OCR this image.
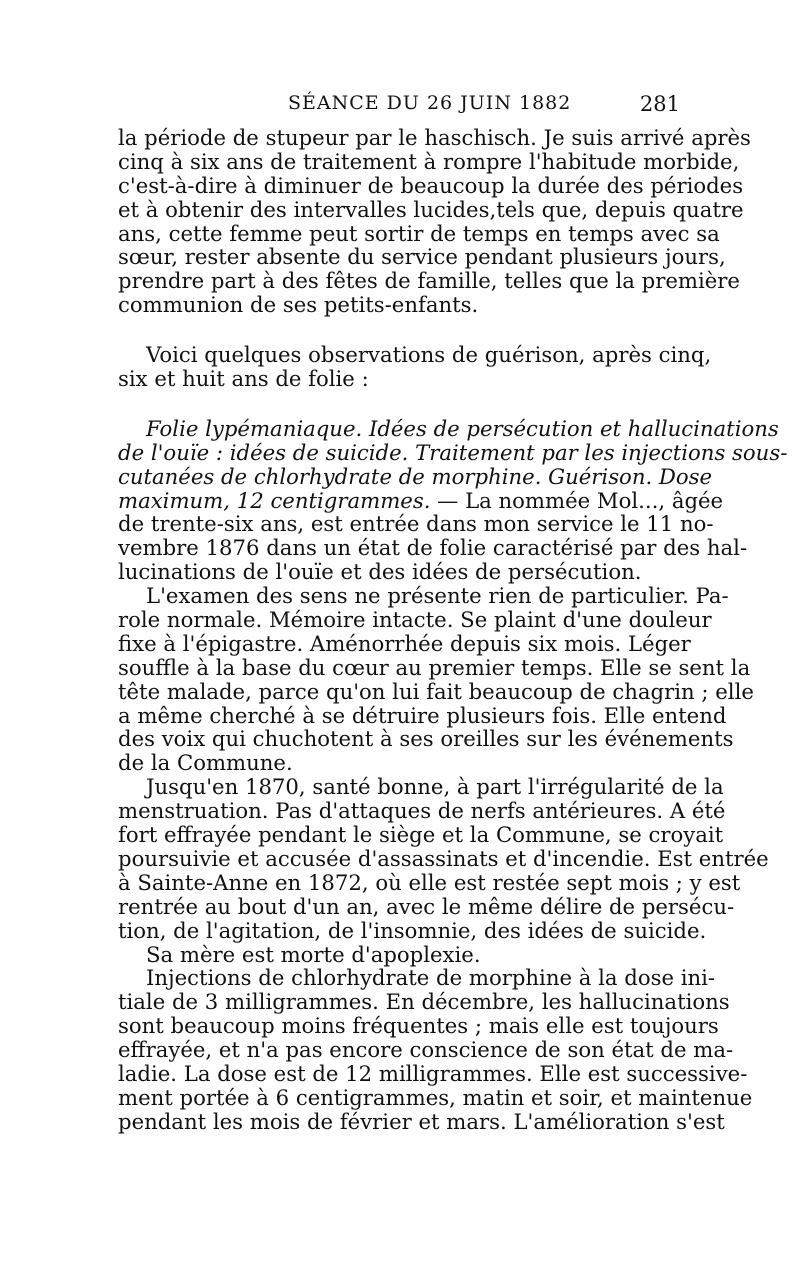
SÉANCE DU 26 JUIN 1882	281
la période de stupeur par le haschisch. Je suis arrivé après
cinq à six ans de traitement à rompre l'habitude morbide,
c'est-à-dire à diminuer de beaucoup la durée des périodes
et à obtenir des intervalles lucides,tels que, depuis quatre
ans, cette femme peut sortir de temps en temps avec sa
sœur, rester absente du service pendant plusieurs jours,
prendre part à des fêtes de famille, telles que la première
communion de ses petits-enfants.
Voici quelques observations de guérison, après cinq,
six et huit ans de folie :
Folie lypémaniaque. Idées de persécution et hallucinations
de l'ouïe : idées de suicide. Traitement par les injections sous-
cutanées de chlorhydrate de morphine. Guérison. Dose
maximum, 12 centigrammes. — La nommée Mol..., âgée
de trente-six ans, est entrée dans mon service le 11 no-
vembre 1876 dans un état de folie caractérisé par des hal-
lucinations de l'ouïe et des idées de persécution.
L'examen des sens ne présente rien de particulier. Pa-
role normale. Mémoire intacte. Se plaint d'une douleur
fixe à l'épigastre. Aménorrhée depuis six mois. Léger
souffle à la base du cœur au premier temps. Elle se sent la
tête malade, parce qu'on lui fait beaucoup de chagrin ; elle
a même cherché à se détruire plusieurs fois. Elle entend
des voix qui chuchotent à ses oreilles sur les événements
de la Commune.
Jusqu'en 1870, santé bonne, à part l'irrégularité de la
menstruation. Pas d'attaques de nerfs antérieures. A été
fort effrayée pendant le siège et la Commune, se croyait
poursuivie et accusée d'assassinats et d'incendie. Est entrée
à Sainte-Anne en 1872, où elle est restée sept mois ; y est
rentrée au bout d'un an, avec le même délire de persécu-
tion, de l'agitation, de l'insomnie, des idées de suicide.
Sa mère est morte d'apoplexie.
Injections de chlorhydrate de morphine à la dose ini-
tiale de 3 milligrammes. En décembre, les hallucinations
sont beaucoup moins fréquentes ; mais elle est toujours
effrayée, et n'a pas encore conscience de son état de ma-
ladie. La dose est de 12 milligrammes. Elle est successive-
ment portée à 6 centigrammes, matin et soir, et maintenue
pendant les mois de février et mars. L'amélioration s'est
